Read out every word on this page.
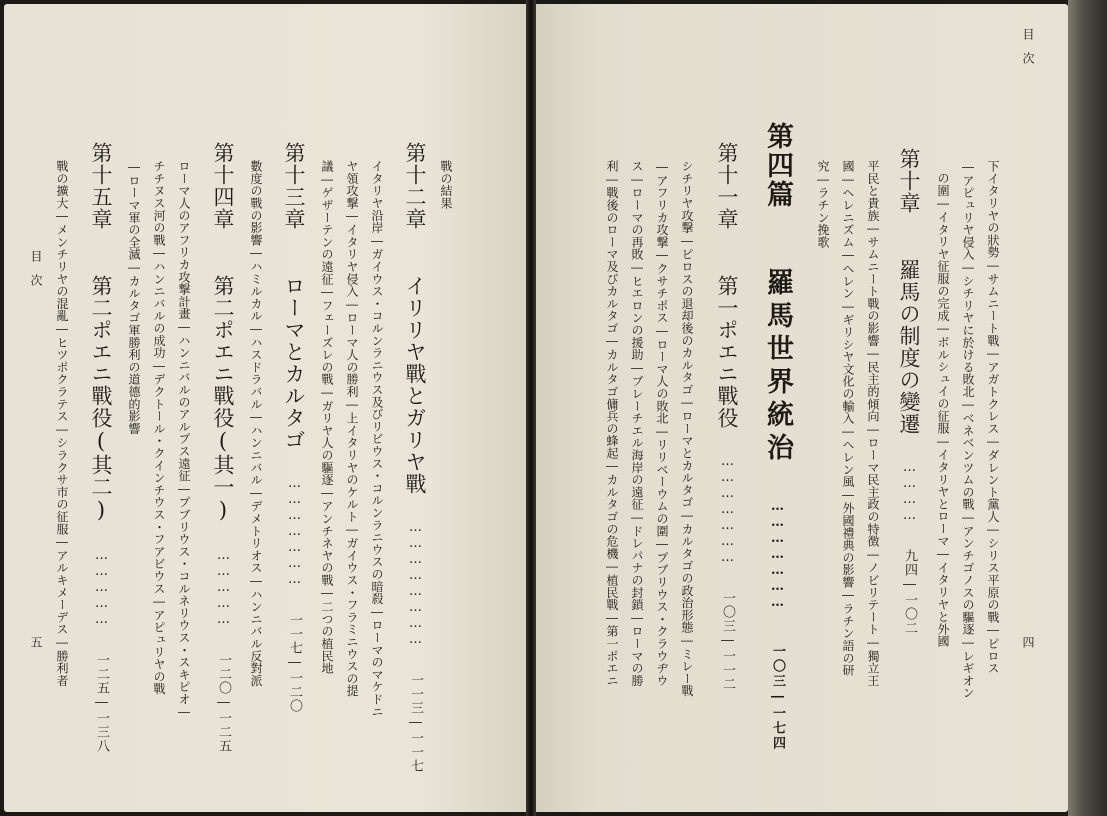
目　次
四
下イタリヤの狀勢―サムニート戰―アガトクレス―ダレント黨人―シリス平原の戰―ピロス
―アピュリヤ侵入―シチリヤに於ける敗北―ベネベンツムの戰―アンチゴノスの驅逐―レギオン
の圍―イタリヤ征服の完成―ボルシュイの征服―イタリヤとローマ―イタリヤと外國
第十章 羅馬の制度の變遷 ………… 九四―一〇二
平民と貴族―サムニート戰の影響―民主的傾向―ローマ民主政の特徴―ノビリテート―獨立王
國―ヘレニズム―ヘレン―ギリシヤ文化の輸入―ヘレン風―外國禮典の影響―ラチン語の研
究―ラチン挽歌
第四篇 羅馬世界統治 ………………… 一〇三―一七四
第十一章 第一ポエニ戰役 ………………… 一〇三―一一二
シチリヤ攻撃―ピロスの退却後のカルタゴ―ローマとカルタゴ―カルタゴの政治形態―ミレー戰
―アフリカ攻撃―クサチポス―ローマ人の敗北―リリベーウムの圍―プブリウス・クラウヂウ
ス―ローマの再敗―ヒエロンの援助―ブレーチエル海岸の遠征―ドレパナの封鎖―ローマの勝
利―戰後のローマ及びカルタゴ―カルタゴ傭兵の蜂起―カルタゴの危機―植民戰―第一ポエニ
戰の結果
第十二章 イリリヤ戰とガリヤ戰 …………………… 一一三―一一七
イタリヤ沿岸―ガイウス・コルンラニウス及びリビウス・コルンラニウスの暗殺―ローマのマケドニ
ヤ領攻撃―イタリヤ侵入―ローマ人の勝利―上イタリヤのケルト―ガイウス・フラミニウスの提
議―ゲザーテンの遠征―フェーズレの戰―ガリヤ人の驅逐―アンチネヤの戰―二つの植民地
第十三章 ローマとカルタゴ ………………… 一一七―一二〇
數度の戰の影響―ハミルカル―ハスドラバル―ハンニバル―デメトリオス―ハンニバル反對派
第十四章 第二ポエニ戰役(其一) …………… 一二〇―一二五
ローマ人のアフリカ攻撃計畫―ハンニバルのアルプス遠征―プブリウス・コルネリウス・スキピオ―
チチヌス河の戰―ハンニバルの成功―デクトール・クインチウス・フアビウス―アピュリヤの戰
―ローマ軍の全滅―カルタゴ軍勝利の道德的影響
第十五章 第二ポエニ戰役(其二) …………… 一二五―一三八
戰の擴大―メンチリヤの混亂―ヒツポクラテス―シラクサ市の征服―アルキメーデス―勝利者
目　次
五
